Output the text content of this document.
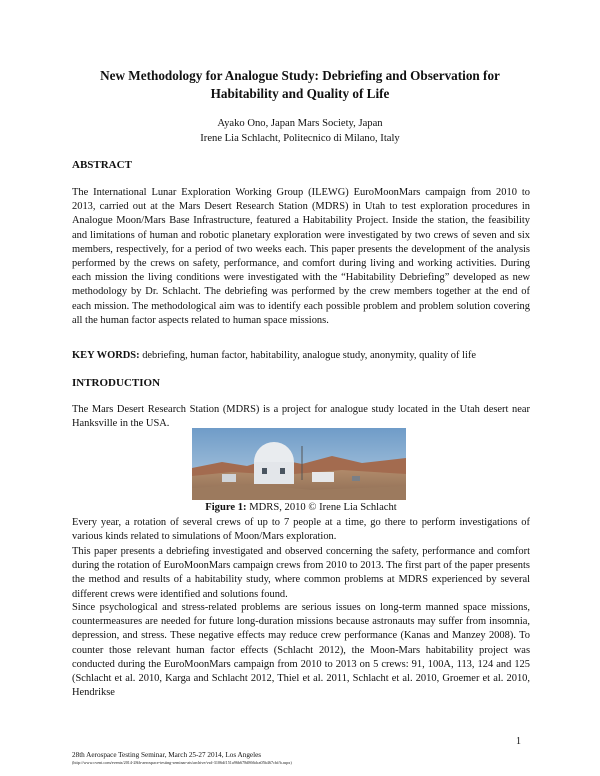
New Methodology for Analogue Study: Debriefing and Observation for
Habitability and Quality of Life
Ayako Ono, Japan Mars Society, Japan
Irene Lia Schlacht, Politecnico di Milano, Italy
ABSTRACT

The International Lunar Exploration Working Group (ILEWG) EuroMoonMars campaign from 2010 to 2013, carried out at the Mars Desert Research Station (MDRS) in Utah to test exploration procedures in Analogue Moon/Mars Base Infrastructure, featured a Habitability Project. Inside the station, the feasibility and limitations of human and robotic planetary exploration were investigated by two crews of seven and six members, respectively, for a period of two weeks each. This paper presents the development of the analysis performed by the crews on safety, performance, and comfort during living and working activities. During each mission the living conditions were investigated with the “Habitability Debriefing” developed as new methodology by Dr. Schlacht. The debriefing was performed by the crew members together at the end of each mission. The methodological aim was to identify each possible problem and problem solution covering all the human factor aspects related to human space missions.

KEY WORDS: debriefing, human factor, habitability, analogue study, anonymity, quality of life

INTRODUCTION

The Mars Desert Research Station (MDRS) is a project for analogue study located in the Utah desert near Hanksville in the USA.

Figure 1: MDRS, 2010 © Irene Lia Schlacht

Every year, a rotation of several crews of up to 7 people at a time, go there to perform investigations of various kinds related to simulations of Moon/Mars exploration.

This paper presents a debriefing investigated and observed concerning the safety, performance and comfort during the rotation of EuroMoonMars campaign crews from 2010 to 2013. The first part of the paper presents the method and results of a habitability study, where common problems at MDRS experienced by several different crews were identified and solutions found.

Since psychological and stress-related problems are serious issues on long-term manned space missions, countermeasures are needed for future long-duration missions because astronauts may suffer from insomnia, depression, and stress. These negative effects may reduce crew performance (Kanas and Manzey 2008). To counter those relevant human factor effects (Schlacht 2012), the Moon-Mars habitability project was conducted during the EuroMoonMars campaign from 2010 to 2013 on 5 crews: 91, 100A, 113, 124 and 125 (Schlacht et al. 2010, Karga and Schlacht 2012, Thiel et al. 2011, Schlacht et al. 2010, Groemer et al. 2010, Hendrikse

1
28th Aerospace Testing Seminar, March 25-27 2014, Los Angeles
(http://www.cvent.com/events/2014-28th-aerospace-testing-seminar-ats/archive/vsd-3106df151a96b678d866dca05b467cbf/b.aspx)
